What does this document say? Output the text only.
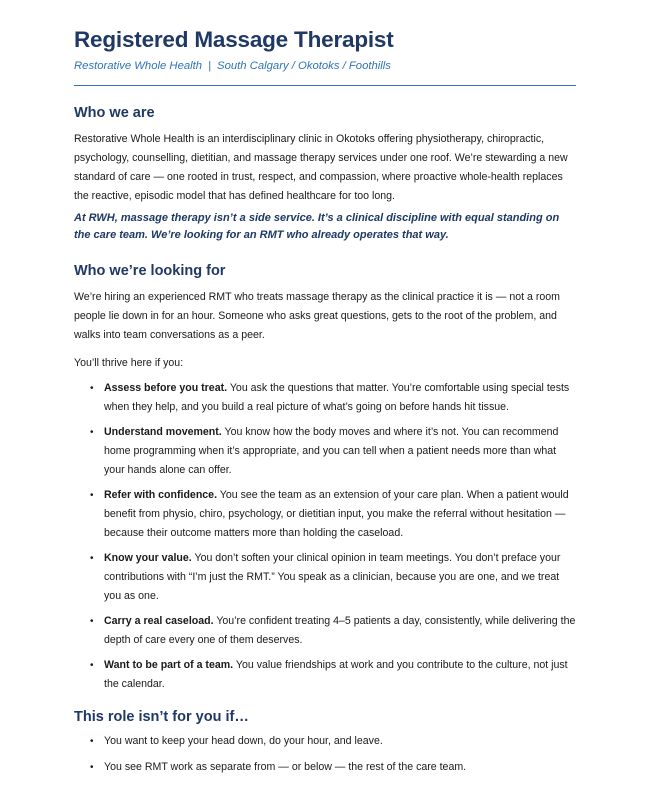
Registered Massage Therapist
Restorative Whole Health | South Calgary / Okotoks / Foothills
Who we are

Restorative Whole Health is an interdisciplinary clinic in Okotoks offering physiotherapy, chiropractic, psychology, counselling, dietitian, and massage therapy services under one roof. We’re stewarding a new standard of care — one rooted in trust, respect, and compassion, where proactive whole-health replaces the reactive, episodic model that has defined healthcare for too long.

At RWH, massage therapy isn’t a side service. It’s a clinical discipline with equal standing on the care team. We’re looking for an RMT who already operates that way.

Who we’re looking for

We’re hiring an experienced RMT who treats massage therapy as the clinical practice it is — not a room people lie down in for an hour. Someone who asks great questions, gets to the root of the problem, and walks into team conversations as a peer.

You’ll thrive here if you:

• Assess before you treat. You ask the questions that matter. You’re comfortable using special tests when they help, and you build a real picture of what’s going on before hands hit tissue.
• Understand movement. You know how the body moves and where it’s not. You can recommend home programming when it’s appropriate, and you can tell when a patient needs more than what your hands alone can offer.
• Refer with confidence. You see the team as an extension of your care plan. When a patient would benefit from physio, chiro, psychology, or dietitian input, you make the referral without hesitation — because their outcome matters more than holding the caseload.
• Know your value. You don’t soften your clinical opinion in team meetings. You don’t preface your contributions with “I’m just the RMT.” You speak as a clinician, because you are one, and we treat you as one.
• Carry a real caseload. You’re confident treating 4–5 patients a day, consistently, while delivering the depth of care every one of them deserves.
• Want to be part of a team. You value friendships at work and you contribute to the culture, not just the calendar.
This role isn’t for you if…
• You want to keep your head down, do your hour, and leave.
• You see RMT work as separate from — or below — the rest of the care team.
